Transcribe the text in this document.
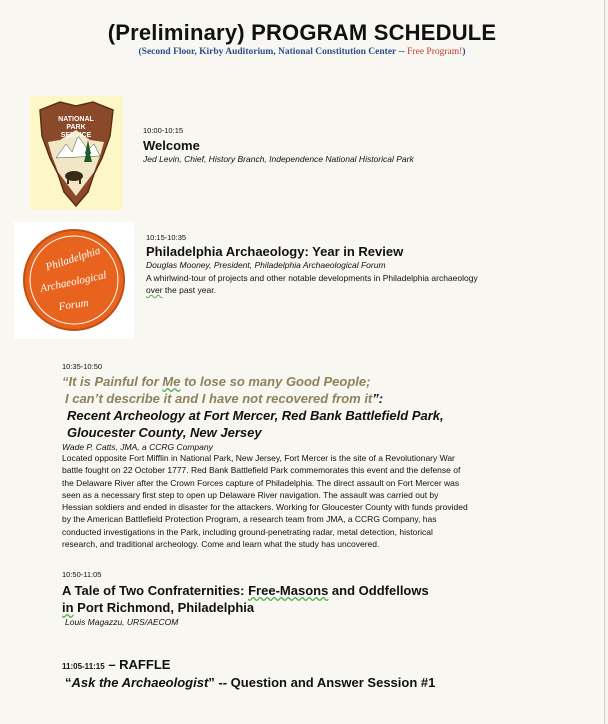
(Preliminary) PROGRAM SCHEDULE
(Second Floor, Kirby Auditorium, National Constitution Center -- Free Program!)
NATIONAL
PARK
SERVICE
Philadelphia
Archaeological
Forum
10:00-10:15
Welcome
Jed Levin, Chief, History Branch, Independence National Historical Park
10:15-10:35
Philadelphia Archaeology: Year in Review
Douglas Mooney, President, Philadelphia Archaeological Forum
A whirlwind-tour of projects and other notable developments in Philadelphia archaeology
over the past year.
10:35-10:50
“It is Painful for Me to lose so many Good People;
I can’t describe it and I have not recovered from it”:
Recent Archeology at Fort Mercer, Red Bank Battlefield Park,
Gloucester County, New Jersey
Wade P. Catts, JMA, a CCRG Company
Located opposite Fort Mifflin in National Park, New Jersey, Fort Mercer is the site of a Revolutionary War
battle fought on 22 October 1777. Red Bank Battlefield Park commemorates this event and the defense of
the Delaware River after the Crown Forces capture of Philadelphia. The direct assault on Fort Mercer was
seen as a necessary first step to open up Delaware River navigation. The assault was carried out by
Hessian soldiers and ended in disaster for the attackers. Working for Gloucester County with funds provided
by the American Battlefield Protection Program, a research team from JMA, a CCRG Company, has
conducted investigations in the Park, including ground-penetrating radar, metal detection, historical
research, and traditional archeology. Come and learn what the study has uncovered.
10:50-11:05
A Tale of Two Confraternities: Free-Masons and Oddfellows
in Port Richmond, Philadelphia
Louis Magazzu, URS/AECOM
11:05-11:15 – RAFFLE
“Ask the Archaeologist” -- Question and Answer Session #1
